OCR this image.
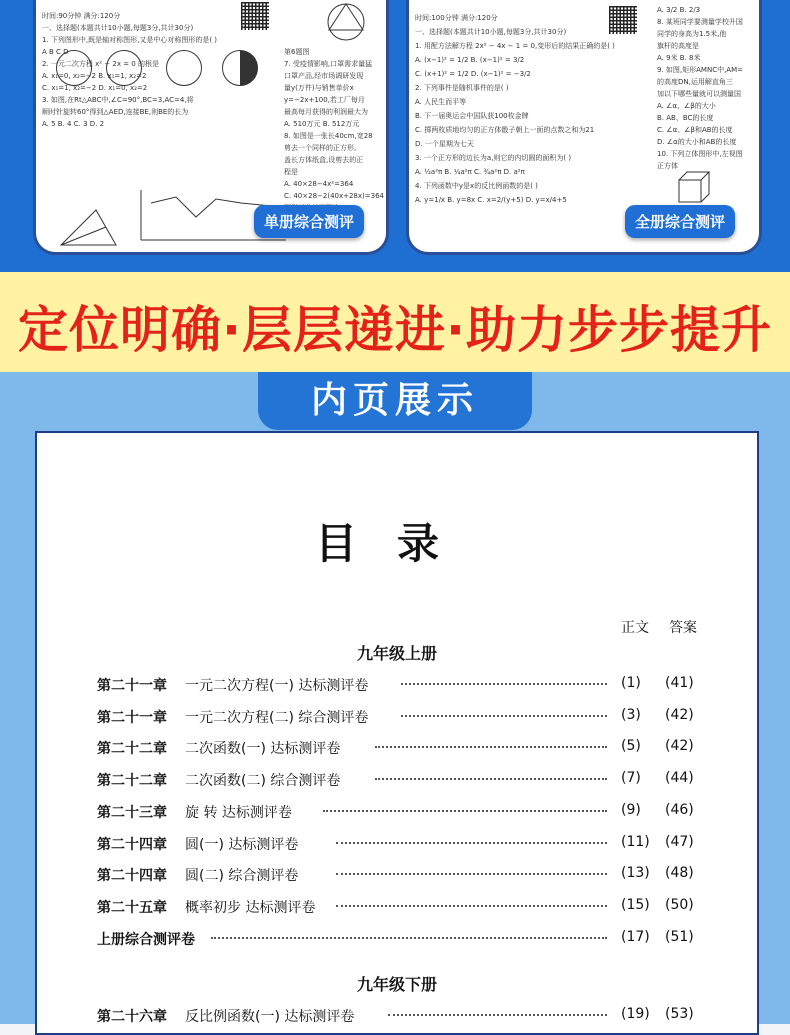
时间:90分钟 满分:120分
一、选择题(本题共计10小题,每题3分,共计30分)
1. 下列图形中,既是轴对称图形,又是中心对称图形的是( )
A B C D
2. 一元二次方程 x² − 2x = 0 的根是
A. x₁=0, x₂=−2 B. x₁=1, x₂=2
C. x₁=1, x₂=−2 D. x₁=0, x₂=2
3. 如图,在Rt△ABC中,∠C=90°,BC=3,AC=4,将
顺时针旋转60°得到△AED,连接BE,则BE的长为
A. 5 B. 4 C. 3 D. 2
第6题图
7. 受疫情影响,口罩需求量猛
口罩产品,经市场调研发现
量y(万件)与销售单价x
y=−2x+100,若工厂每月
最高每月获得的利润最大为
A. 510万元 B. 512万元
8. 如图是一张长40cm,宽28
剪去一个同样的正方形,
盖长方体纸盒,设剪去的正
程是
A. 40×28−4x²=364
C. 40×28−2(40x+28x)=364
单册综合测评
时间:100分钟 满分:120分
一、选择题(本题共计10小题,每题3分,共计30分)
1. 用配方法解方程 2x² − 4x − 1 = 0,变形后的结果正确的是( )
A. (x−1)² = 1/2 B. (x−1)² = 3/2
C. (x+1)² = 1/2 D. (x−1)² = −3/2
2. 下列事件是随机事件的是( )
A. 人民生而平等
B. 下一届奥运会中国队获100枚金牌
C. 掷两枚质地均匀的正方体骰子朝上一面的点数之和为21
D. 一个星期为七天
3. 一个正方形的边长为a,则它的内切圆的面积为( )
A. ½a²π B. ¼a²π C. ¾a²π D. a²π
4. 下列函数中y是x的反比例函数的是( )
A. y=1/x B. y=8x C. x=2/(y+5) D. y=x/4+5
A. 3/2 B. 2/3
8. 某班同学要测量学校升国
同学的身高为1.5米,他
旗杆的高度是
A. 9米 B. 8米
9. 如图,矩形AMNC中,AM=
的高度DN,运用解直角三
加以下哪些量就可以测量国
A. ∠α、∠β的大小
B. AB、BC的长度
C. ∠α、∠β和AB的长度
D. ∠α的大小和AB的长度
10. 下列立体图形中,左视图
正方体
全册综合测评
定位明确·层层递进·助力步步提升
内页展示
目录
正文 答案
九年级上册
第二十一章 一元二次方程(一) 达标测评卷	(1) (41)
第二十一章 一元二次方程(二) 综合测评卷	(3) (42)
第二十二章 二次函数(一) 达标测评卷	(5) (42)
第二十二章 二次函数(二) 综合测评卷	(7) (44)
第二十三章 旋 转 达标测评卷	(9) (46)
第二十四章 圆(一) 达标测评卷	(11) (47)
第二十四章 圆(二) 综合测评卷	(13) (48)
第二十五章 概率初步 达标测评卷	(15) (50)
上册综合测评卷	(17) (51)
九年级下册
第二十六章 反比例函数(一) 达标测评卷	(19) (53)
